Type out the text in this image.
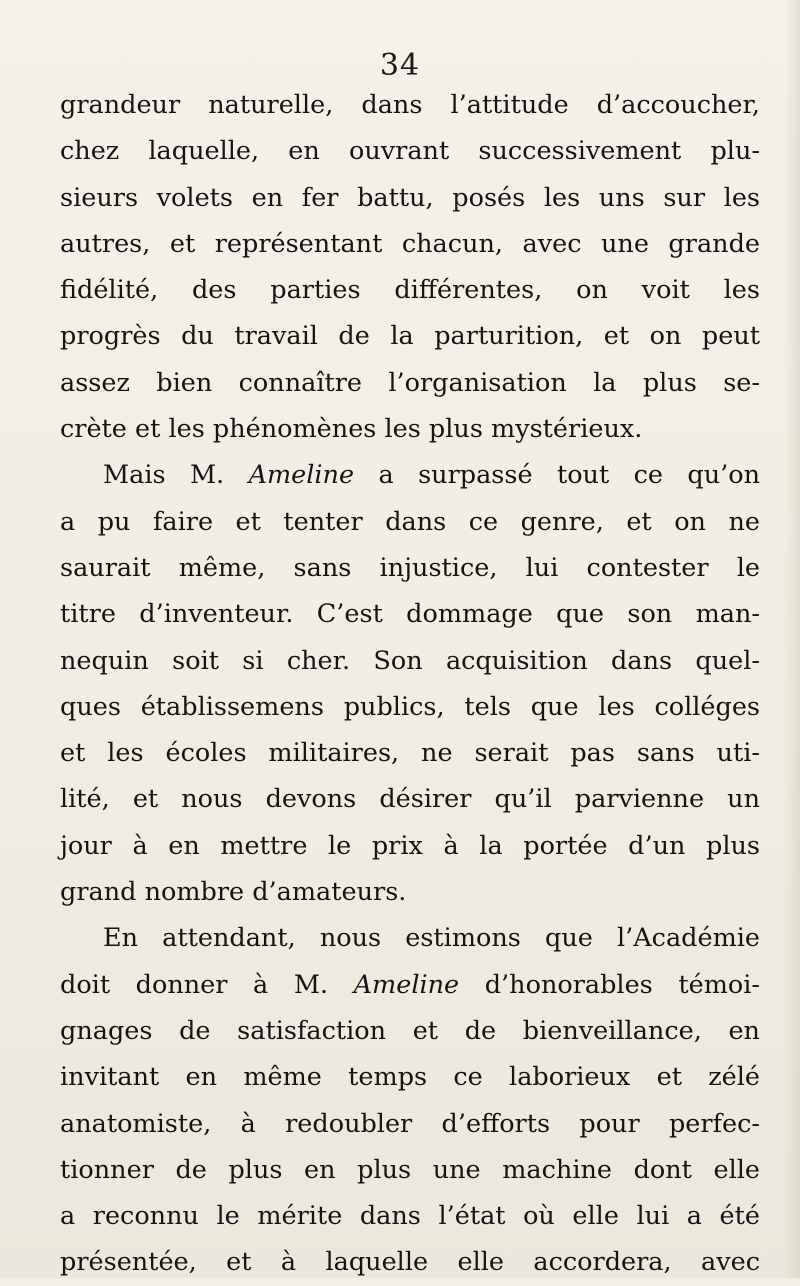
34
grandeur naturelle, dans l’attitude d’accoucher,
chez laquelle, en ouvrant successivement plu-
sieurs volets en fer battu, posés les uns sur les
autres, et représentant chacun, avec une grande
fidélité, des parties différentes, on voit les
progrès du travail de la parturition, et on peut
assez bien connaître l’organisation la plus se-
crète et les phénomènes les plus mystérieux.
Mais M. Ameline a surpassé tout ce qu’on
a pu faire et tenter dans ce genre, et on ne
saurait même, sans injustice, lui contester le
titre d’inventeur. C’est dommage que son man-
nequin soit si cher. Son acquisition dans quel-
ques établissemens publics, tels que les colléges
et les écoles militaires, ne serait pas sans uti-
lité, et nous devons désirer qu’il parvienne un
jour à en mettre le prix à la portée d’un plus
grand nombre d’amateurs.
En attendant, nous estimons que l’Académie
doit donner à M. Ameline d’honorables témoi-
gnages de satisfaction et de bienveillance, en
invitant en même temps ce laborieux et zélé
anatomiste, à redoubler d’efforts pour perfec-
tionner de plus en plus une machine dont elle
a reconnu le mérite dans l’état où elle lui a été
présentée, et à laquelle elle accordera, avec
